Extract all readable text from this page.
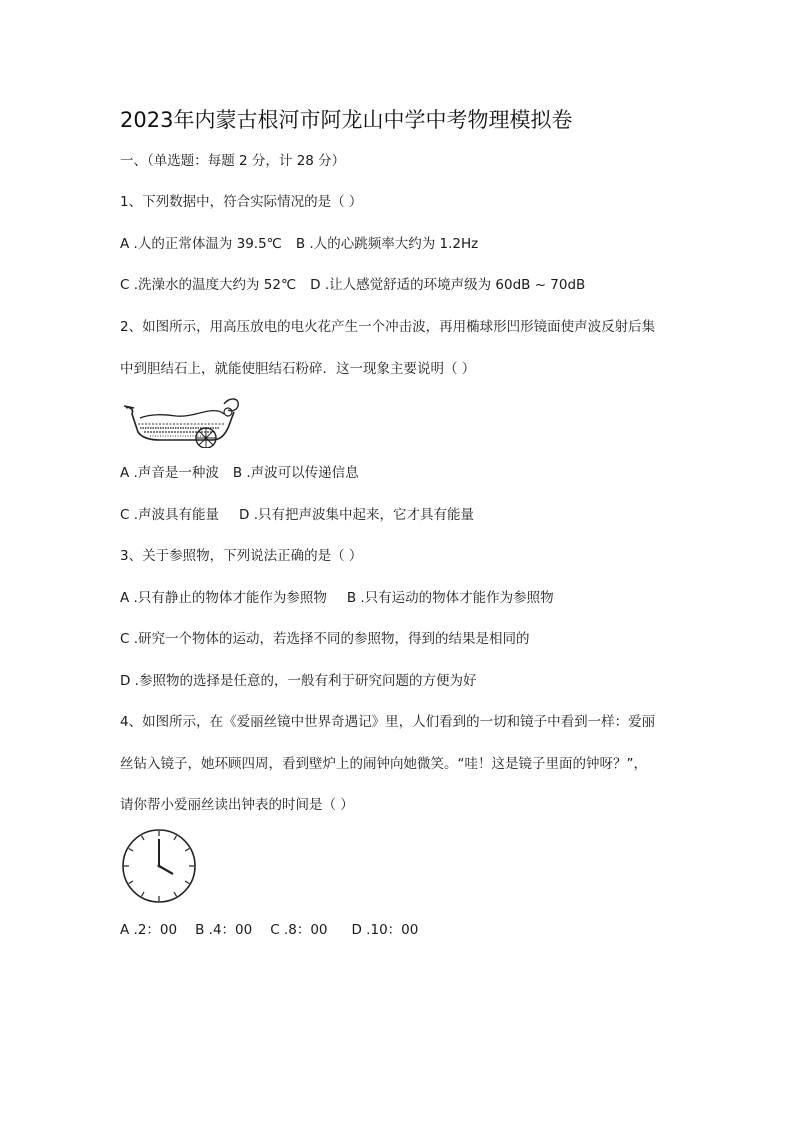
2023年内蒙古根河市阿龙山中学中考物理模拟卷
一、（单选题：每题 2 分，计 28 分）
1、下列数据中，符合实际情况的是（ ）
A .人的正常体温为 39.5℃ B .人的心跳频率大约为 1.2Hz
C .洗澡水的温度大约为 52℃ D .让人感觉舒适的环境声级为 60dB ~ 70dB
2、如图所示，用高压放电的电火花产生一个冲击波，再用椭球形凹形镜面使声波反射后集
中到胆结石上，就能使胆结石粉碎．这一现象主要说明（ ）
A .声音是一种波 B .声波可以传递信息
C .声波具有能量 D .只有把声波集中起来，它才具有能量
3、关于参照物，下列说法正确的是（ ）
A .只有静止的物体才能作为参照物 B .只有运动的物体才能作为参照物
C .研究一个物体的运动，若选择不同的参照物，得到的结果是相同的
D .参照物的选择是任意的，一般有利于研究问题的方便为好
4、如图所示，在《爱丽丝镜中世界奇遇记》里，人们看到的一切和镜子中看到一样：爱丽
丝钻入镜子，她环顾四周，看到壁炉上的闹钟向她微笑。“哇！这是镜子里面的钟呀？”，
请你帮小爱丽丝读出钟表的时间是（ ）
A .2：00 B .4：00 C .8：00 D .10：00
